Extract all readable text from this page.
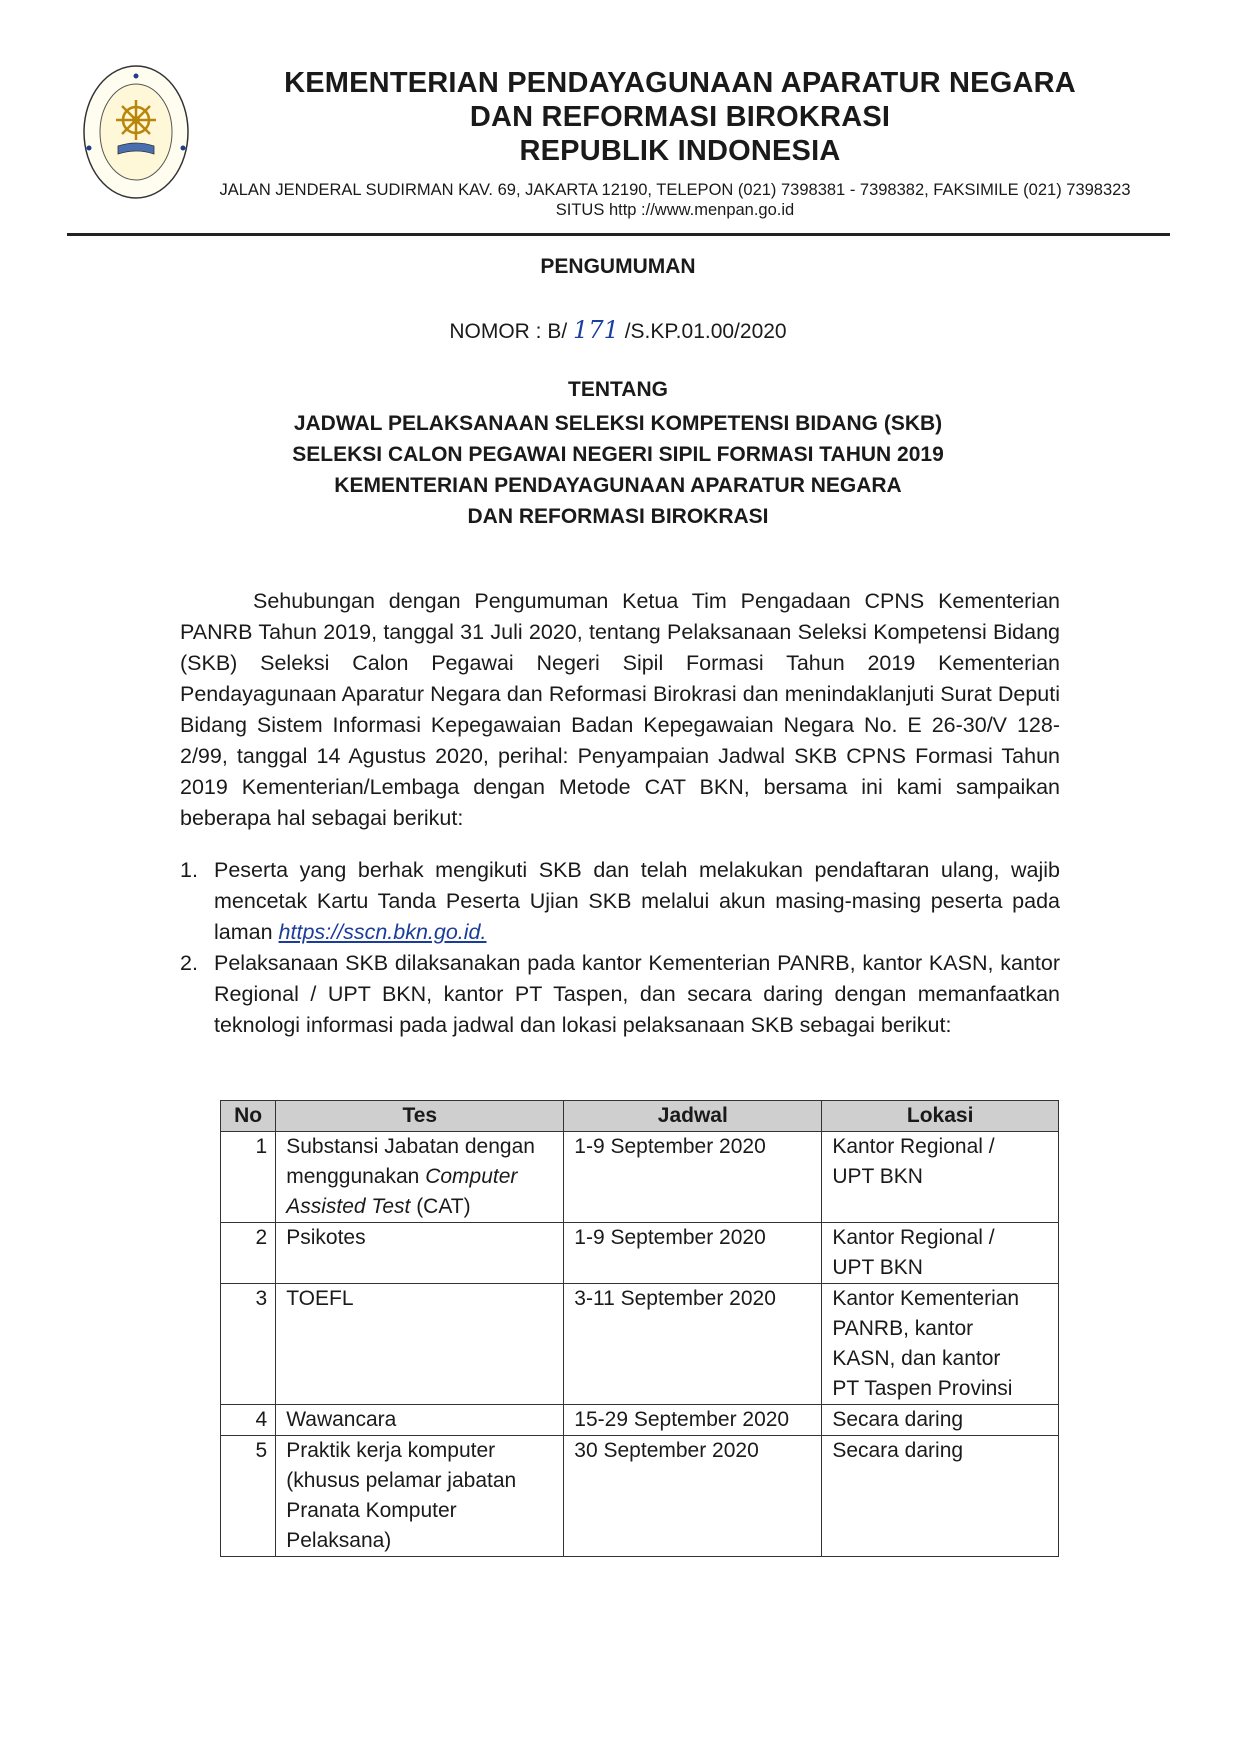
KEMENTERIAN PENDAYAGUNAAN APARATUR NEGARA
DAN REFORMASI BIROKRASI
REPUBLIK INDONESIA
JALAN JENDERAL SUDIRMAN KAV. 69, JAKARTA 12190, TELEPON (021) 7398381 - 7398382, FAKSIMILE (021) 7398323
SITUS http ://www.menpan.go.id
PENGUMUMAN
NOMOR : B/ 171 /S.KP.01.00/2020
TENTANG
JADWAL PELAKSANAAN SELEKSI KOMPETENSI BIDANG (SKB)
SELEKSI CALON PEGAWAI NEGERI SIPIL FORMASI TAHUN 2019
KEMENTERIAN PENDAYAGUNAAN APARATUR NEGARA
DAN REFORMASI BIROKRASI
Sehubungan dengan Pengumuman Ketua Tim Pengadaan CPNS Kementerian PANRB Tahun 2019, tanggal 31 Juli 2020, tentang Pelaksanaan Seleksi Kompetensi Bidang (SKB) Seleksi Calon Pegawai Negeri Sipil Formasi Tahun 2019 Kementerian Pendayagunaan Aparatur Negara dan Reformasi Birokrasi dan menindaklanjuti Surat Deputi Bidang Sistem Informasi Kepegawaian Badan Kepegawaian Negara No. E 26-30/V 128-2/99, tanggal 14 Agustus 2020, perihal: Penyampaian Jadwal SKB CPNS Formasi Tahun 2019 Kementerian/Lembaga dengan Metode CAT BKN, bersama ini kami sampaikan beberapa hal sebagai berikut:
1. Peserta yang berhak mengikuti SKB dan telah melakukan pendaftaran ulang, wajib mencetak Kartu Tanda Peserta Ujian SKB melalui akun masing-masing peserta pada laman https://sscn.bkn.go.id.
2. Pelaksanaan SKB dilaksanakan pada kantor Kementerian PANRB, kantor KASN, kantor Regional / UPT BKN, kantor PT Taspen, dan secara daring dengan memanfaatkan teknologi informasi pada jadwal dan lokasi pelaksanaan SKB sebagai berikut:
No	Tes	Jadwal	Lokasi
1	Substansi Jabatan dengan
menggunakan Computer
Assisted Test (CAT)	1-9 September 2020	Kantor Regional /
UPT BKN

2	Psikotes	1-9 September 2020	Kantor Regional /
UPT BKN

3	TOEFL	3-11 September 2020	Kantor Kementerian
PANRB, kantor
KASN, dan kantor
PT Taspen Provinsi

4	Wawancara	15-29 September 2020	Secara daring

5	Praktik kerja komputer
(khusus pelamar jabatan
Pranata Komputer
Pelaksana)	30 September 2020	Secara daring
